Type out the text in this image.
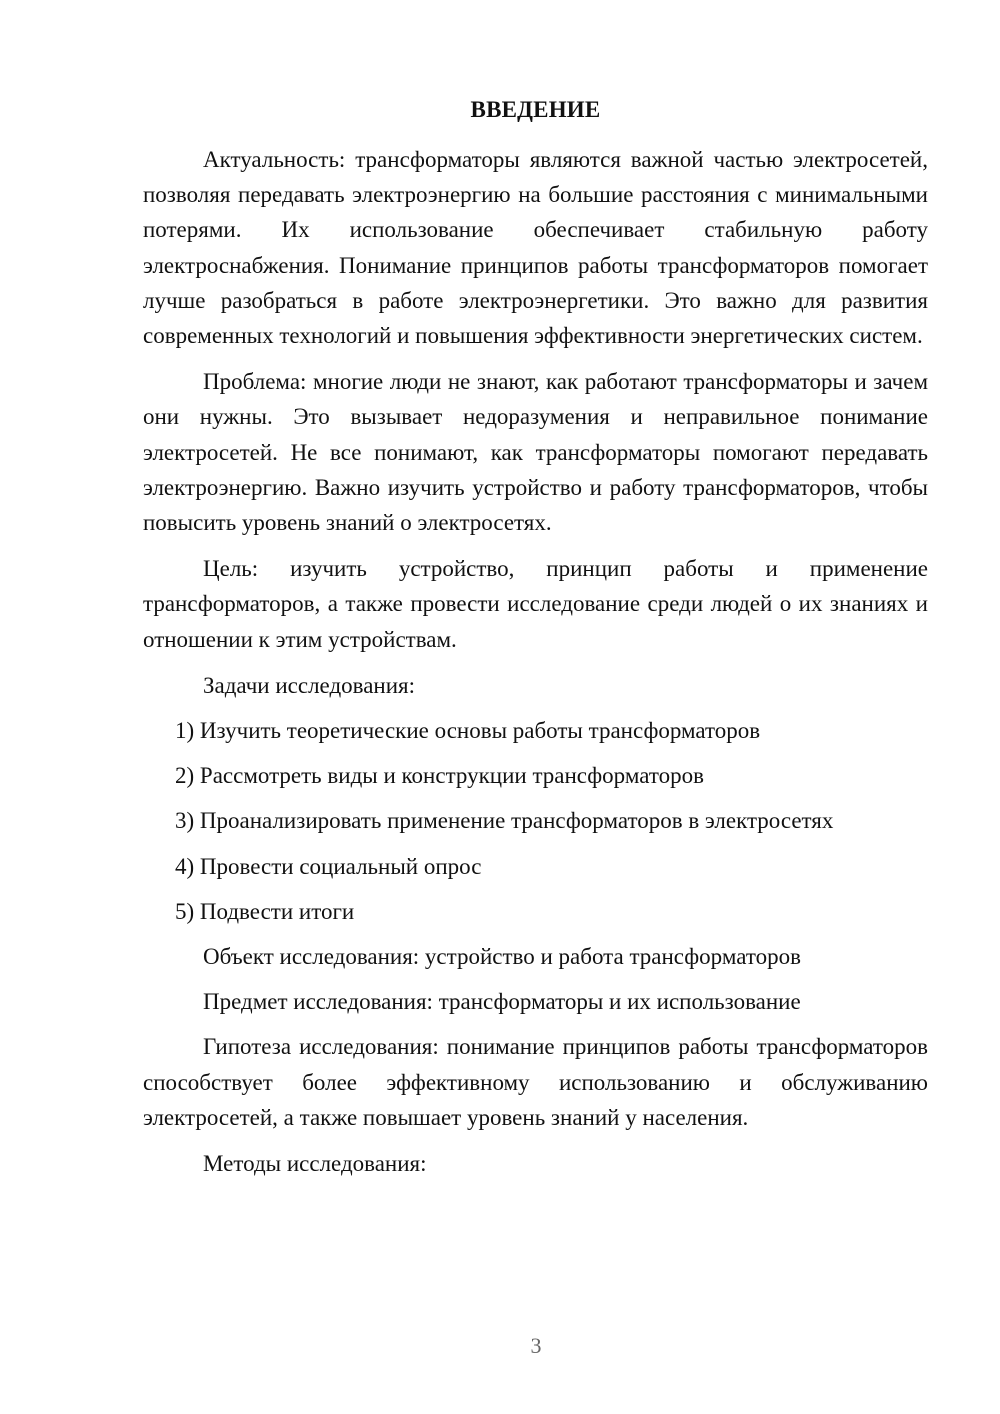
ВВЕДЕНИЕ

Актуальность: трансформаторы являются важной частью электросетей, позволяя передавать электроэнергию на большие расстояния с минимальными потерями. Их использование обеспечивает стабильную работу электроснабжения. Понимание принципов работы трансформаторов помогает лучше разобраться в работе электроэнергетики. Это важно для развития современных технологий и повышения эффективности энергетических систем.

Проблема: многие люди не знают, как работают трансформаторы и зачем они нужны. Это вызывает недоразумения и неправильное понимание электросетей. Не все понимают, как трансформаторы помогают передавать электроэнергию. Важно изучить устройство и работу трансформаторов, чтобы повысить уровень знаний о электросетях.

Цель: изучить устройство, принцип работы и применение трансформаторов, а также провести исследование среди людей о их знаниях и отношении к этим устройствам.

Задачи исследования:

1) Изучить теоретические основы работы трансформаторов
2) Рассмотреть виды и конструкции трансформаторов
3) Проанализировать применение трансформаторов в электросетях
4) Провести социальный опрос
5) Подвести итоги

Объект исследования: устройство и работа трансформаторов

Предмет исследования: трансформаторы и их использование

Гипотеза исследования: понимание принципов работы трансформаторов способствует более эффективному использованию и обслуживанию электросетей, а также повышает уровень знаний у населения.

Методы исследования:

3
